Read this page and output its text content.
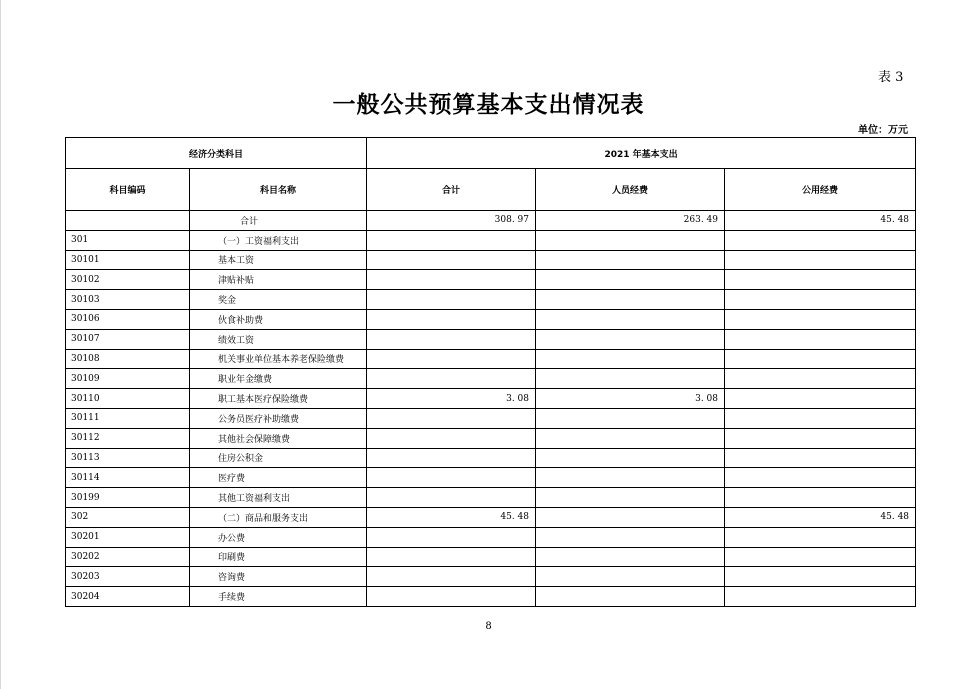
表 3
一般公共预算基本支出情况表
单位：万元
经济分类科目		2021 年基本支出		
科目编码	科目名称	合计	人员经费	公用经费
	合计	308. 97	263. 49	45. 48
301	（一）工资福利支出			
30101	基本工资			
30102	津贴补贴			
30103	奖金			
30106	伙食补助费			
30107	绩效工资			
30108	机关事业单位基本养老保险缴费			
30109	职业年金缴费			
30110	职工基本医疗保险缴费	3. 08	3. 08	
30111	公务员医疗补助缴费			
30112	其他社会保障缴费			
30113	住房公积金			
30114	医疗费			
30199	其他工资福利支出			
302	（二）商品和服务支出	45. 48		45. 48
30201	办公费			
30202	印刷费			
30203	咨询费			
30204	手续费			
8
